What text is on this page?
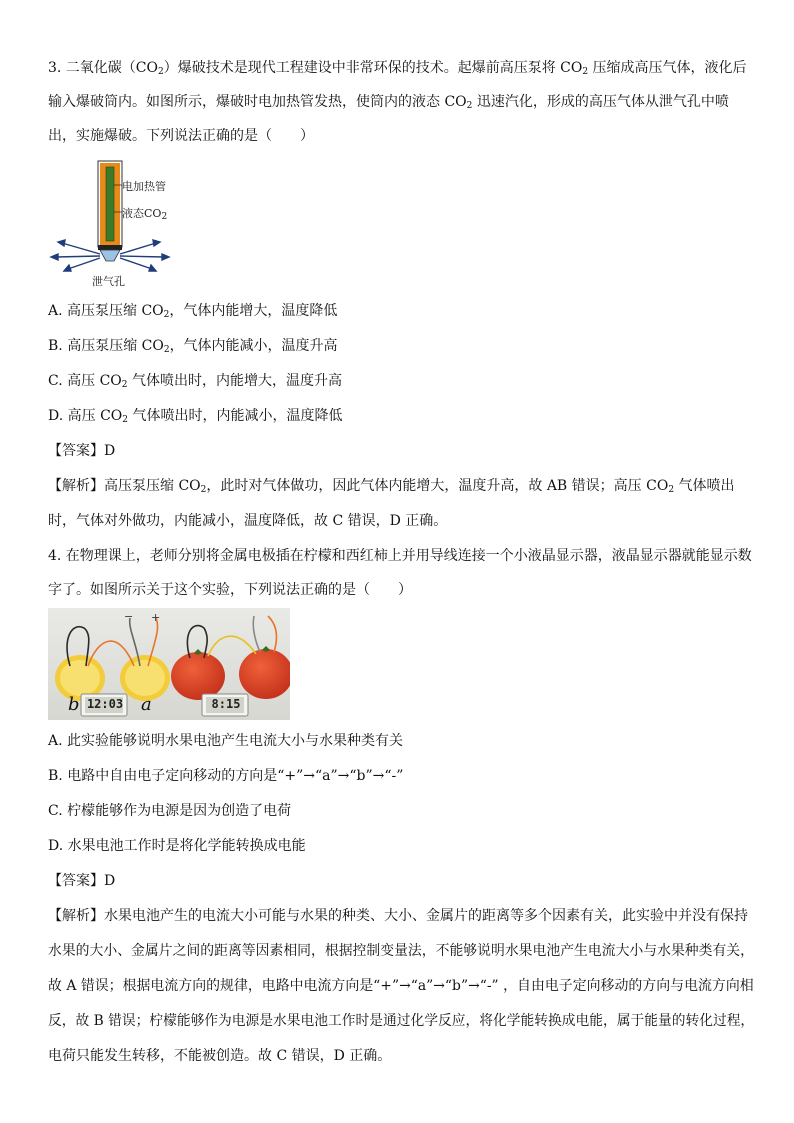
3. 二氧化碳$(CO_2)$爆破技术是现代工程建设中非常环保的技术。起爆前高压泵将 $CO_2$ 压缩成高压气体，液化后
输入爆破筒内。如图所示，爆破时电加热管发热，使筒内的液态 $CO_2$ 迅速汽化，形成的高压气体从泄气孔中喷
出，实施爆破。下列说法正确的是（　　）
电加热管
液态$CO_2$
泄气孔
A. 高压泵压缩 $CO_2$，气体内能增大，温度降低
B. 高压泵压缩 $CO_2$，气体内能减小，温度升高
C. 高压 $CO_2$ 气体喷出时，内能增大，温度升高
D. 高压 $CO_2$ 气体喷出时，内能减小，温度降低
【答案】D
【解析】高压泵压缩 $CO_2$，此时对气体做功，因此气体内能增大，温度升高，故 AB 错误；高压 $CO_2$ 气体喷出
时，气体对外做功，内能减小，温度降低，故 C 错误，D 正确。
4. 在物理课上，老师分别将金属电极插在柠檬和西红柿上并用导线连接一个小液晶显示器，液晶显示器就能显示数
字了。如图所示关于这个实验，下列说法正确的是（　　）
12:03	8:15
b	a
− +
A. 此实验能够说明水果电池产生电流大小与水果种类有关
B. 电路中自由电子定向移动的方向是“+”→“a”→“b”→“-”
C. 柠檬能够作为电源是因为创造了电荷
D. 水果电池工作时是将化学能转换成电能
【答案】D
【解析】水果电池产生的电流大小可能与水果的种类、大小、金属片的距离等多个因素有关，此实验中并没有保持
水果的大小、金属片之间的距离等因素相同，根据控制变量法，不能够说明水果电池产生电流大小与水果种类有关，
故 A 错误；根据电流方向的规律，电路中电流方向是“+”→“a”→“b”→“-” ，自由电子定向移动的方向与电流方向相
反，故 B 错误；柠檬能够作为电源是水果电池工作时是通过化学反应，将化学能转换成电能，属于能量的转化过程，
电荷只能发生转移，不能被创造。故 C 错误，D 正确。
